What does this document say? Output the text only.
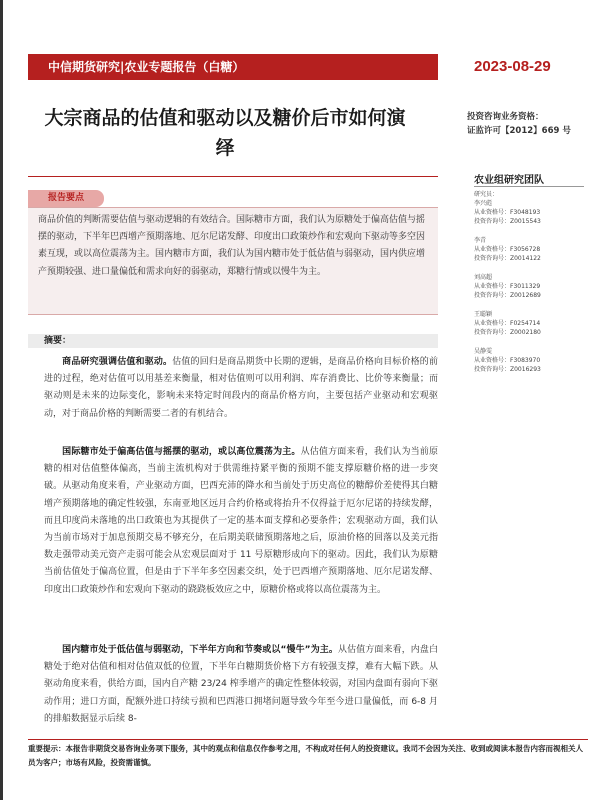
中信期货研究|农业专题报告（白糖）	2023-08-29
大宗商品的估值和驱动以及糖价后市如何演绎
投资咨询业务资格：
证监许可【2012】669 号
农业组研究团队
研究员：
李兴彪
从业资格号：F3048193
投资咨询号：Z0015543
李青
从业资格号：F3056728
投资咨询号：Z0014122
刘高超
从业资格号：F3011329
投资咨询号：Z0012689
王聪颖
从业资格号：F0254714
投资咨询号：Z0002180
吴静雯
从业资格号：F3083970
投资咨询号：Z0016293
报告要点
商品价值的判断需要估值与驱动逻辑的有效结合。国际糖市方面，我们认为原糖处于偏高估值与摇摆的驱动，下半年巴西增产预期落地、厄尔尼诺发酵、印度出口政策炒作和宏观向下驱动等多空因素互现，或以高位震荡为主。国内糖市方面，我们认为国内糖市处于低估值与弱驱动，国内供应增产预期较强、进口量偏低和需求向好的弱驱动，郑糖行情或以慢牛为主。
摘要：
  商品研究强调估值和驱动。估值的回归是商品期货中长期的逻辑，是商品价格向目标价格的前进的过程，绝对估值可以用基差来衡量，相对估值则可以用利润、库存消费比、比价等来衡量；而驱动则是未来的边际变化，影响未来特定时间段内的商品价格方向，主要包括产业驱动和宏观驱动，对于商品价格的判断需要二者的有机结合。
  国际糖市处于偏高估值与摇摆的驱动，或以高位震荡为主。从估值方面来看，我们认为当前原糖的相对估值整体偏高，当前主流机构对于供需维持紧平衡的预期不能支撑原糖价格的进一步突破。从驱动角度来看，产业驱动方面，巴西充沛的降水和当前处于历史高位的糖醇价差使得其白糖增产预期落地的确定性较强，东南亚地区远月合约价格或将抬升不仅得益于厄尔尼诺的持续发酵，而且印度尚未落地的出口政策也为其提供了一定的基本面支撑和必要条件；宏观驱动方面，我们认为当前市场对于加息预期交易不够充分，在后期美联储预期落地之后，原油价格的回落以及美元指数走强带动美元资产走弱可能会从宏观层面对于 11 号原糖形成向下的驱动。因此，我们认为原糖当前估值处于偏高位置，但是由于下半年多空因素交织，处于巴西增产预期落地、厄尔尼诺发酵、印度出口政策炒作和宏观向下驱动的跷跷板效应之中，原糖价格或将以高位震荡为主。
  国内糖市处于低估值与弱驱动，下半年方向和节奏或以“慢牛”为主。从估值方面来看，内盘白糖处于绝对估值和相对估值双低的位置，下半年白糖期货价格下方有较强支撑，难有大幅下跌。从驱动角度来看，供给方面，国内自产糖 23/24 榨季增产的确定性整体较弱，对国内盘面有弱向下驱动作用；进口方面，配额外进口持续亏损和巴西港口拥堵问题导致今年至今进口量偏低，而 6-8 月的排船数据显示后续 8-
重要提示：本报告非期货交易咨询业务项下服务，其中的观点和信息仅作参考之用，不构成对任何人的投资建议。我司不会因为关注、收到或阅读本报告内容而视相关人员为客户；市场有风险，投资需谨慎。
